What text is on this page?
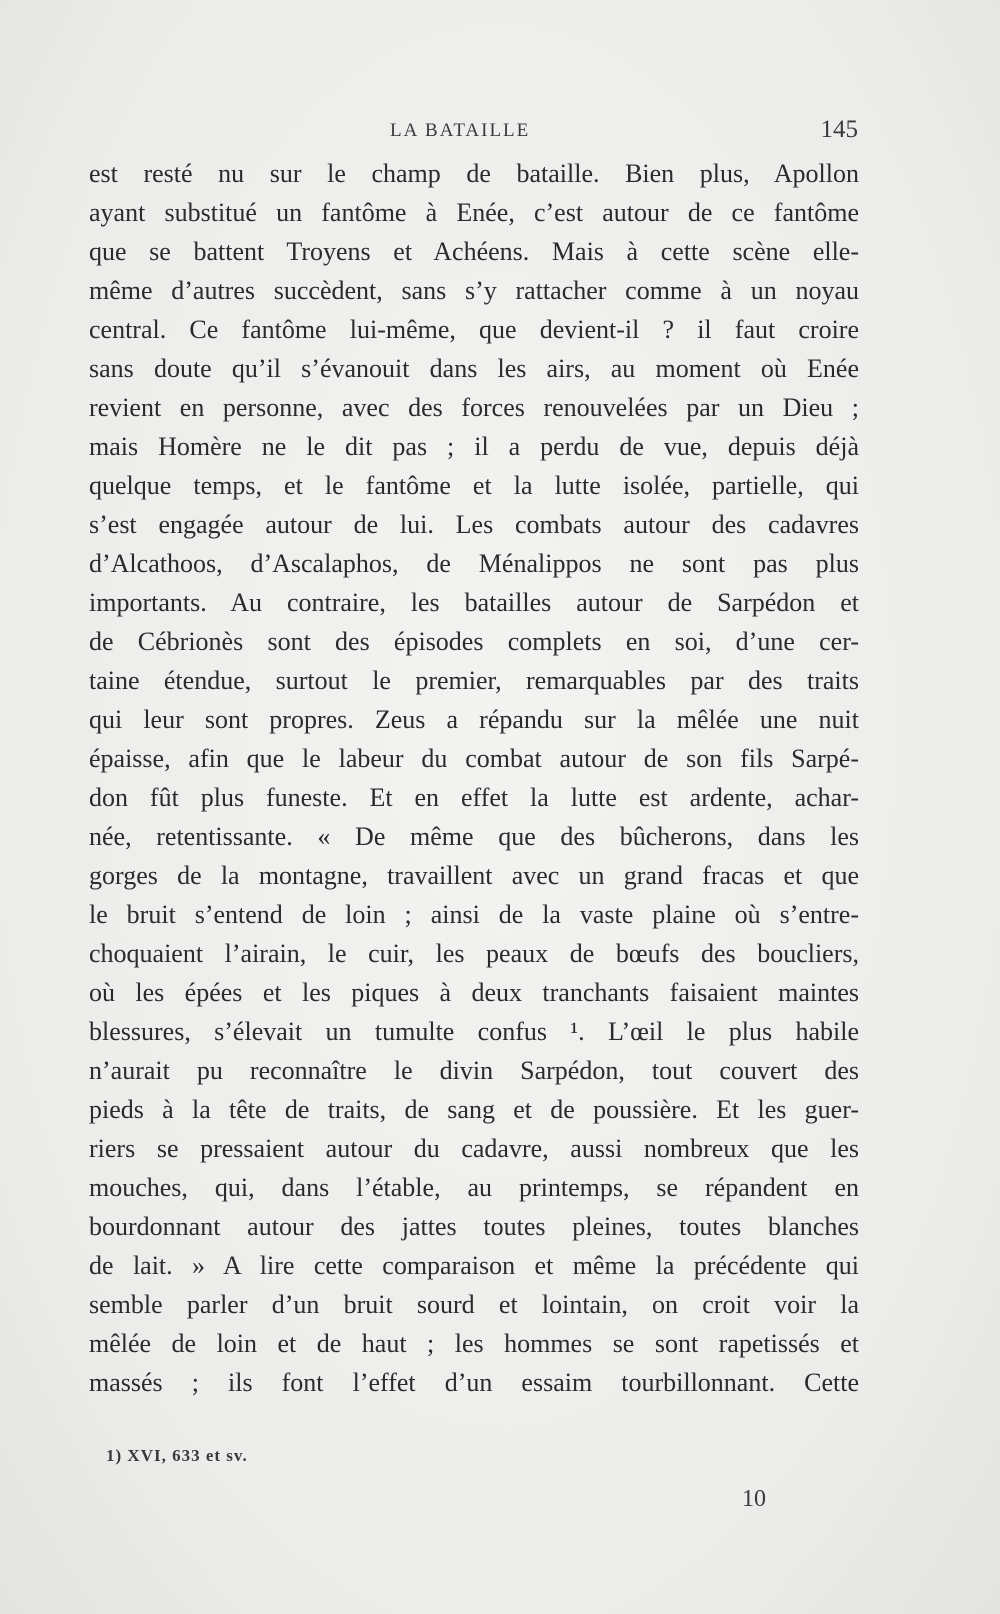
LA BATAILLE	145
est resté nu sur le champ de bataille. Bien plus, Apollon
ayant substitué un fantôme à Enée, c’est autour de ce fantôme
que se battent Troyens et Achéens. Mais à cette scène elle-
même d’autres succèdent, sans s’y rattacher comme à un noyau
central. Ce fantôme lui-même, que devient-il ? il faut croire
sans doute qu’il s’évanouit dans les airs, au moment où Enée
revient en personne, avec des forces renouvelées par un Dieu ;
mais Homère ne le dit pas ; il a perdu de vue, depuis déjà
quelque temps, et le fantôme et la lutte isolée, partielle, qui
s’est engagée autour de lui. Les combats autour des cadavres
d’Alcathoos, d’Ascalaphos, de Ménalippos ne sont pas plus
importants. Au contraire, les batailles autour de Sarpédon et
de Cébrionès sont des épisodes complets en soi, d’une cer-
taine étendue, surtout le premier, remarquables par des traits
qui leur sont propres. Zeus a répandu sur la mêlée une nuit
épaisse, afin que le labeur du combat autour de son fils Sarpé-
don fût plus funeste. Et en effet la lutte est ardente, achar-
née, retentissante. « De même que des bûcherons, dans les
gorges de la montagne, travaillent avec un grand fracas et que
le bruit s’entend de loin ; ainsi de la vaste plaine où s’entre-
choquaient l’airain, le cuir, les peaux de bœufs des boucliers,
où les épées et les piques à deux tranchants faisaient maintes
blessures, s’élevait un tumulte confus ¹. L’œil le plus habile
n’aurait pu reconnaître le divin Sarpédon, tout couvert des
pieds à la tête de traits, de sang et de poussière. Et les guer-
riers se pressaient autour du cadavre, aussi nombreux que les
mouches, qui, dans l’étable, au printemps, se répandent en
bourdonnant autour des jattes toutes pleines, toutes blanches
de lait. » A lire cette comparaison et même la précédente qui
semble parler d’un bruit sourd et lointain, on croit voir la
mêlée de loin et de haut ; les hommes se sont rapetissés et
massés ; ils font l’effet d’un essaim tourbillonnant. Cette
1) XVI, 633 et sv.
10
